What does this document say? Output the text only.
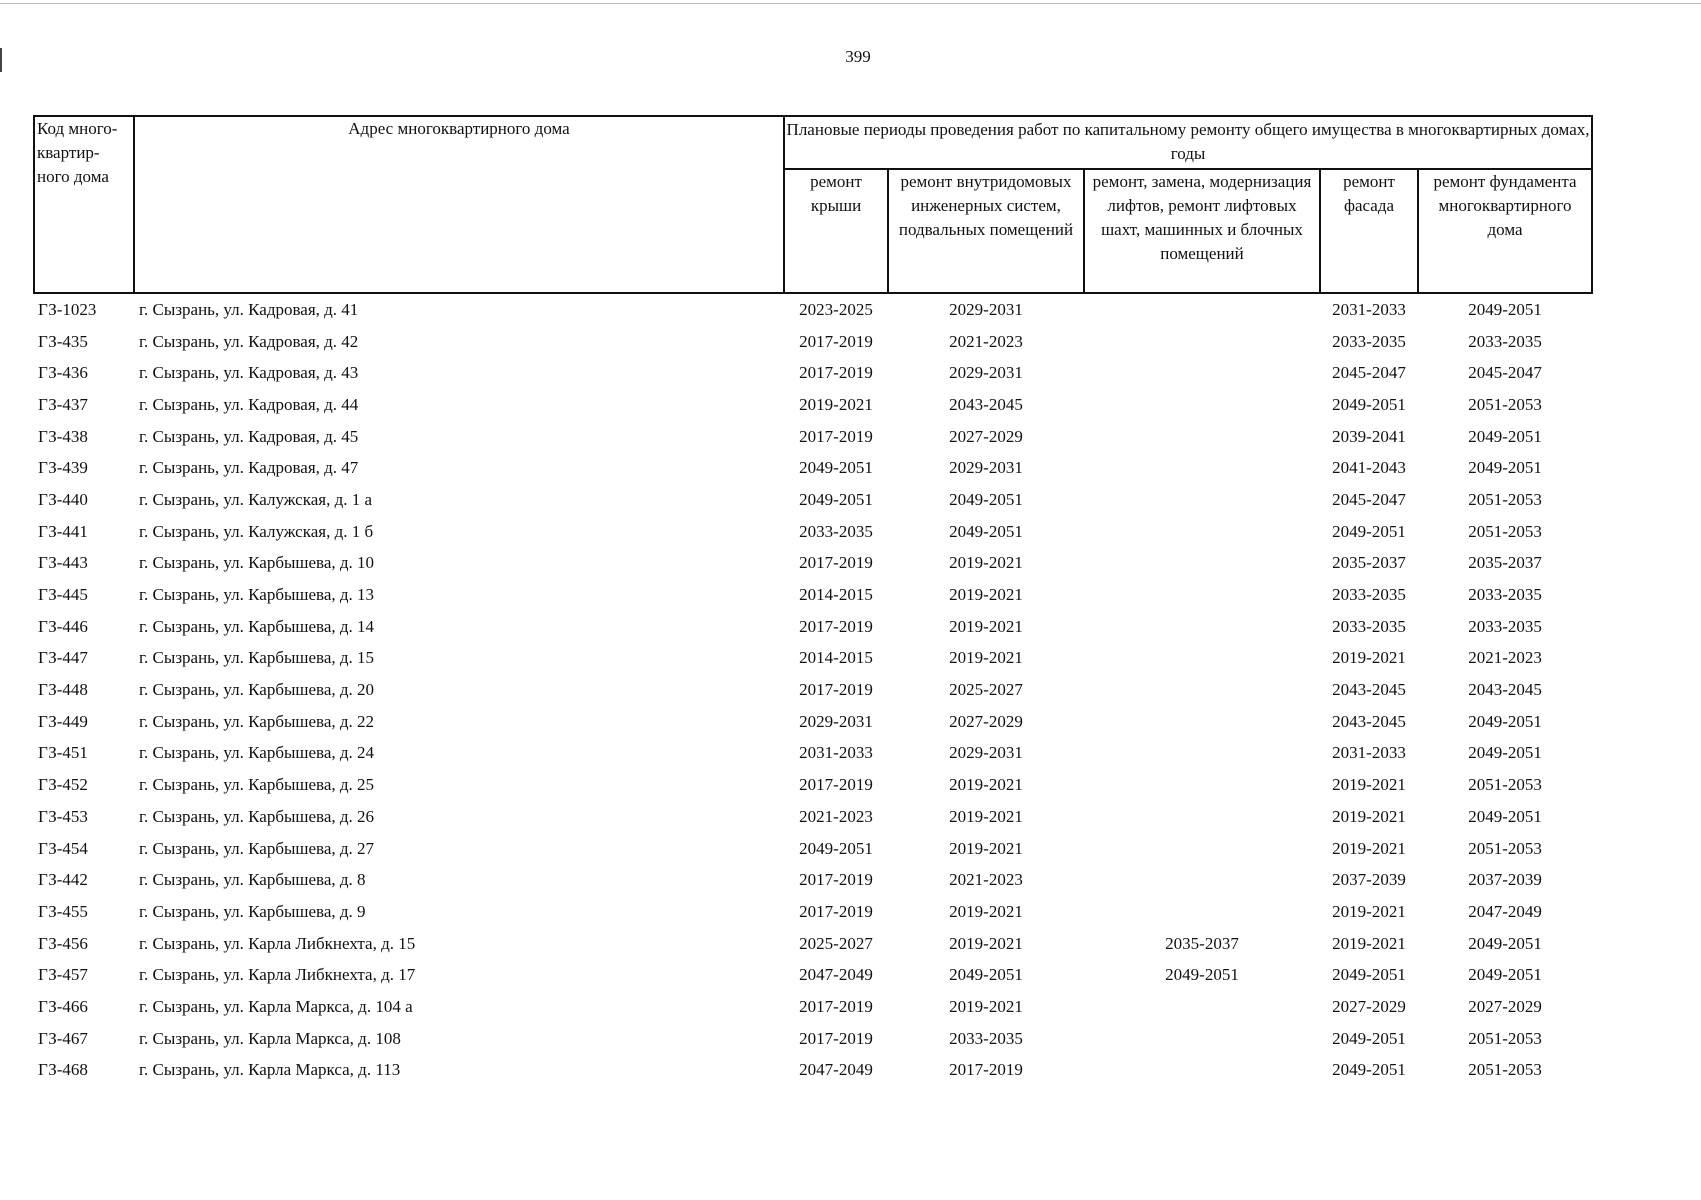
399
Код много-квартир-ного дома	Адрес многоквартирного дома	Плановые периоды проведения работ по капитальному ремонту общего имущества в многоквартирных домах, годы				
		ремонт крыши	ремонт внутридомовых инженерных систем, подвальных помещений	ремонт, замена, модернизация лифтов, ремонт лифтовых шахт, машинных и блочных помещений	ремонт фасада	ремонт фундамента многоквартирного дома
ГЗ-1023	г. Сызрань, ул. Кадровая, д. 41	2023-2025	2029-2031		2031-2033	2049-2051
ГЗ-435	г. Сызрань, ул. Кадровая, д. 42	2017-2019	2021-2023		2033-2035	2033-2035
ГЗ-436	г. Сызрань, ул. Кадровая, д. 43	2017-2019	2029-2031		2045-2047	2045-2047
ГЗ-437	г. Сызрань, ул. Кадровая, д. 44	2019-2021	2043-2045		2049-2051	2051-2053
ГЗ-438	г. Сызрань, ул. Кадровая, д. 45	2017-2019	2027-2029		2039-2041	2049-2051
ГЗ-439	г. Сызрань, ул. Кадровая, д. 47	2049-2051	2029-2031		2041-2043	2049-2051
ГЗ-440	г. Сызрань, ул. Калужская, д. 1 а	2049-2051	2049-2051		2045-2047	2051-2053
ГЗ-441	г. Сызрань, ул. Калужская, д. 1 б	2033-2035	2049-2051		2049-2051	2051-2053
ГЗ-443	г. Сызрань, ул. Карбышева, д. 10	2017-2019	2019-2021		2035-2037	2035-2037
ГЗ-445	г. Сызрань, ул. Карбышева, д. 13	2014-2015	2019-2021		2033-2035	2033-2035
ГЗ-446	г. Сызрань, ул. Карбышева, д. 14	2017-2019	2019-2021		2033-2035	2033-2035
ГЗ-447	г. Сызрань, ул. Карбышева, д. 15	2014-2015	2019-2021		2019-2021	2021-2023
ГЗ-448	г. Сызрань, ул. Карбышева, д. 20	2017-2019	2025-2027		2043-2045	2043-2045
ГЗ-449	г. Сызрань, ул. Карбышева, д. 22	2029-2031	2027-2029		2043-2045	2049-2051
ГЗ-451	г. Сызрань, ул. Карбышева, д. 24	2031-2033	2029-2031		2031-2033	2049-2051
ГЗ-452	г. Сызрань, ул. Карбышева, д. 25	2017-2019	2019-2021		2019-2021	2051-2053
ГЗ-453	г. Сызрань, ул. Карбышева, д. 26	2021-2023	2019-2021		2019-2021	2049-2051
ГЗ-454	г. Сызрань, ул. Карбышева, д. 27	2049-2051	2019-2021		2019-2021	2051-2053
ГЗ-442	г. Сызрань, ул. Карбышева, д. 8	2017-2019	2021-2023		2037-2039	2037-2039
ГЗ-455	г. Сызрань, ул. Карбышева, д. 9	2017-2019	2019-2021		2019-2021	2047-2049
ГЗ-456	г. Сызрань, ул. Карла Либкнехта, д. 15	2025-2027	2019-2021	2035-2037	2019-2021	2049-2051
ГЗ-457	г. Сызрань, ул. Карла Либкнехта, д. 17	2047-2049	2049-2051	2049-2051	2049-2051	2049-2051
ГЗ-466	г. Сызрань, ул. Карла Маркса, д. 104 а	2017-2019	2019-2021		2027-2029	2027-2029
ГЗ-467	г. Сызрань, ул. Карла Маркса, д. 108	2017-2019	2033-2035		2049-2051	2051-2053
ГЗ-468	г. Сызрань, ул. Карла Маркса, д. 113	2047-2049	2017-2019		2049-2051	2051-2053
